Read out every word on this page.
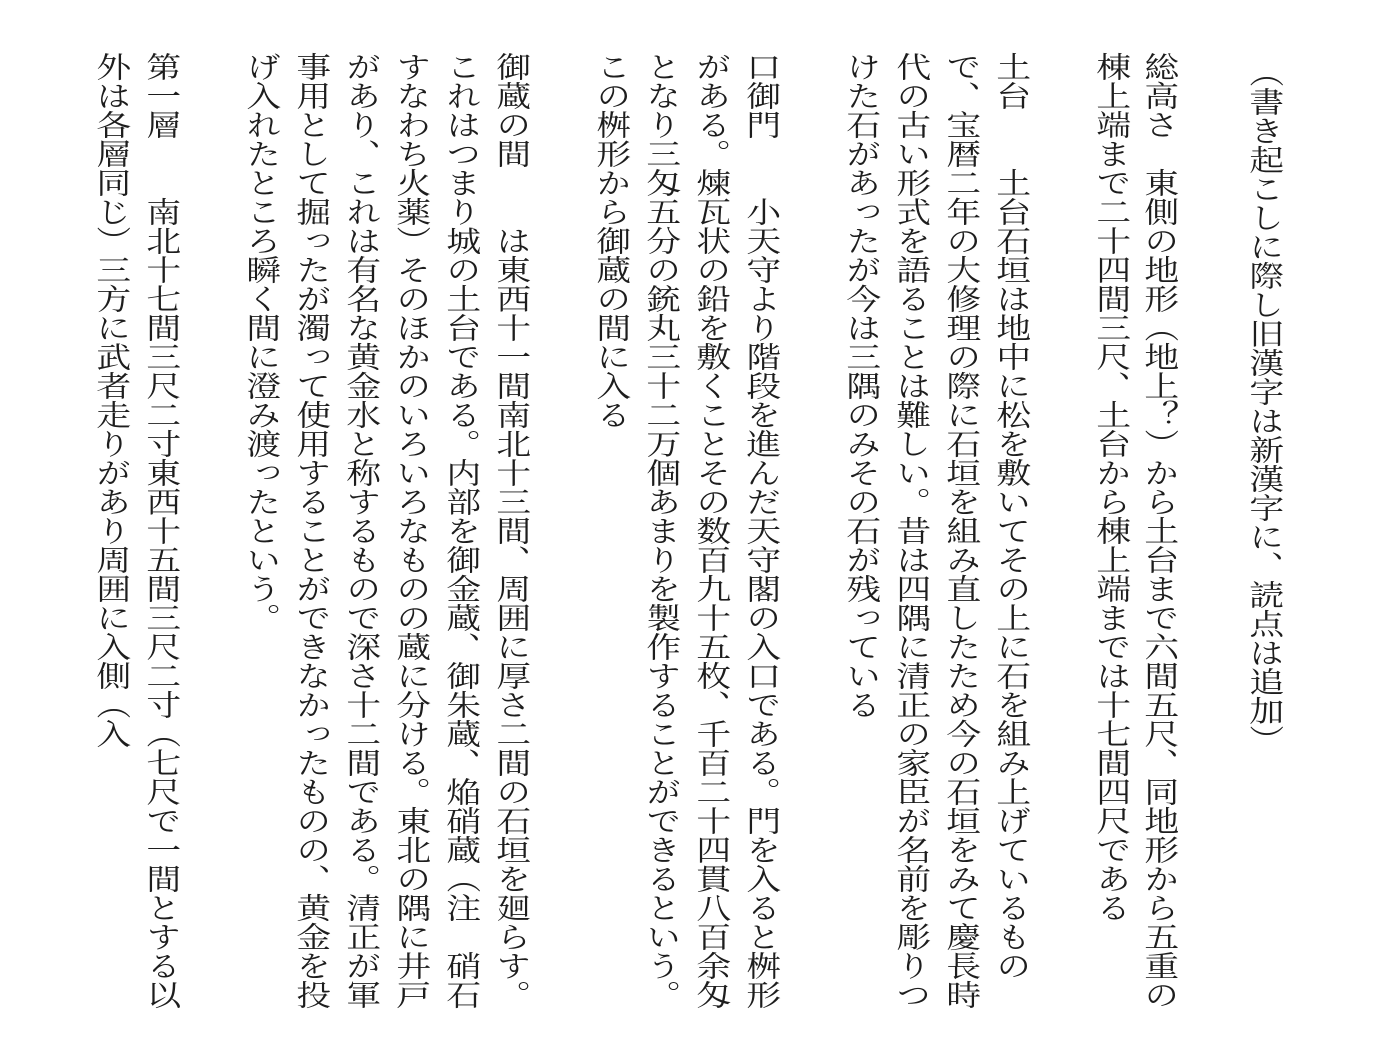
（書き起こしに際し旧漢字は新漢字に、読点は追加）
総高さ東側の地形（地上？）から土台まで六間五尺、同地形から五重の
棟上端まで二十四間三尺、土台から棟上端までは十七間四尺である
土台土台石垣は地中に松を敷いてその上に石を組み上げているもの
で、宝暦二年の大修理の際に石垣を組み直したため今の石垣をみて慶長時
代の古い形式を語ることは難しい。昔は四隅に清正の家臣が名前を彫りつ
けた石があったが今は三隅のみその石が残っている
口御門小天守より階段を進んだ天守閣の入口である。門を入ると桝形
がある。煉瓦状の鉛を敷くことその数百九十五枚、千百二十四貫八百余匁
となり三匁五分の銃丸三十二万個あまりを製作することができるという。
この桝形から御蔵の間に入る
御蔵の間は東西十一間南北十三間、周囲に厚さ二間の石垣を廻らす。
これはつまり城の土台である。内部を御金蔵、御朱蔵、焔硝蔵（注　硝石
すなわち火薬）そのほかのいろいろなものの蔵に分ける。東北の隅に井戸
があり、これは有名な黄金水と称するもので深さ十二間である。清正が軍
事用として掘ったが濁って使用することができなかったものの、黄金を投
げ入れたところ瞬く間に澄み渡ったという。
第一層南北十七間三尺二寸東西十五間三尺二寸（七尺で一間とする以
外は各層同じ）三方に武者走りがあり周囲に入側（入
